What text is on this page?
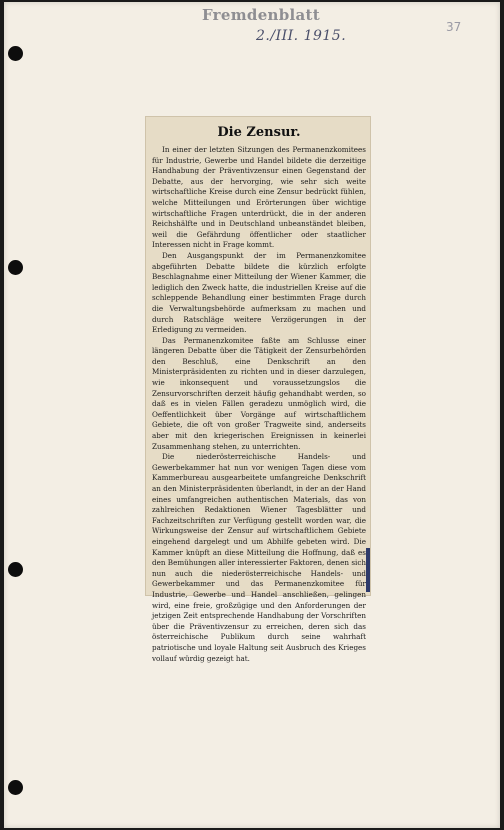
Fremdenblatt
2./III. 1915.
37
Die Zensur.

In einer der letzten Sitzungen des Permanenzkomitees für Industrie, Gewerbe und Handel bildete die derzeitige Handhabung der Präventivzensur einen Gegenstand der Debatte, aus der hervorging, wie sehr sich weite wirtschaftliche Kreise durch eine Zensur bedrückt fühlen, welche Mitteilungen und Erörterungen über wichtige wirtschaftliche Fragen unterdrückt, die in der anderen Reichshälfte und in Deutschland unbeanständet bleiben, weil die Gefährdung öffentlicher oder staatlicher Interessen nicht in Frage kommt.

Den Ausgangspunkt der im Permanenzkomitee abgeführten Debatte bildete die kürzlich erfolgte Beschlagnahme einer Mitteilung der Wiener Kammer, die lediglich den Zweck hatte, die industriellen Kreise auf die schleppende Behandlung einer bestimmten Frage durch die Verwaltungsbehörde aufmerksam zu machen und durch Ratschläge weitere Verzögerungen in der Erledigung zu vermeiden.

Das Permanenzkomitee faßte am Schlusse einer längeren Debatte über die Tätigkeit der Zensurbehörden den Beschluß, eine Denkschrift an den Ministerpräsidenten zu richten und in dieser darzulegen, wie inkonsequent und voraussetzungslos die Zensurvorschriften derzeit häufig gehandhabt werden, so daß es in vielen Fällen geradezu unmöglich wird, die Oeffentlichkeit über Vorgänge auf wirtschaftlichem Gebiete, die oft von großer Tragweite sind, anderseits aber mit den kriegerischen Ereignissen in keinerlei Zusammenhang stehen, zu unterrichten.

Die niederösterreichische Handels- und Gewerbekammer hat nun vor wenigen Tagen diese vom Kammerbureau ausgearbeitete umfangreiche Denkschrift an den Ministerpräsidenten überlandt, in der an der Hand eines umfangreichen authentischen Materials, das von zahlreichen Redaktionen Wiener Tagesblätter und Fachzeitschriften zur Verfügung gestellt worden war, die Wirkungsweise der Zensur auf wirtschaftlichem Gebiete eingehend dargelegt und um Abhilfe gebeten wird. Die Kammer knüpft an diese Mitteilung die Hoffnung, daß es den Bemühungen aller interessierter Faktoren, denen sich nun auch die niederösterreichische Handels- und Gewerbekammer und das Permanenzkomitee für Industrie, Gewerbe und Handel anschließen, gelingen wird, eine freie, großzügige und den Anforderungen der jetzigen Zeit entsprechende Handhabung der Vorschriften über die Präventivzensur zu erreichen, deren sich das österreichische Publikum durch seine wahrhaft patriotische und loyale Haltung seit Ausbruch des Krieges vollauf würdig gezeigt hat.
